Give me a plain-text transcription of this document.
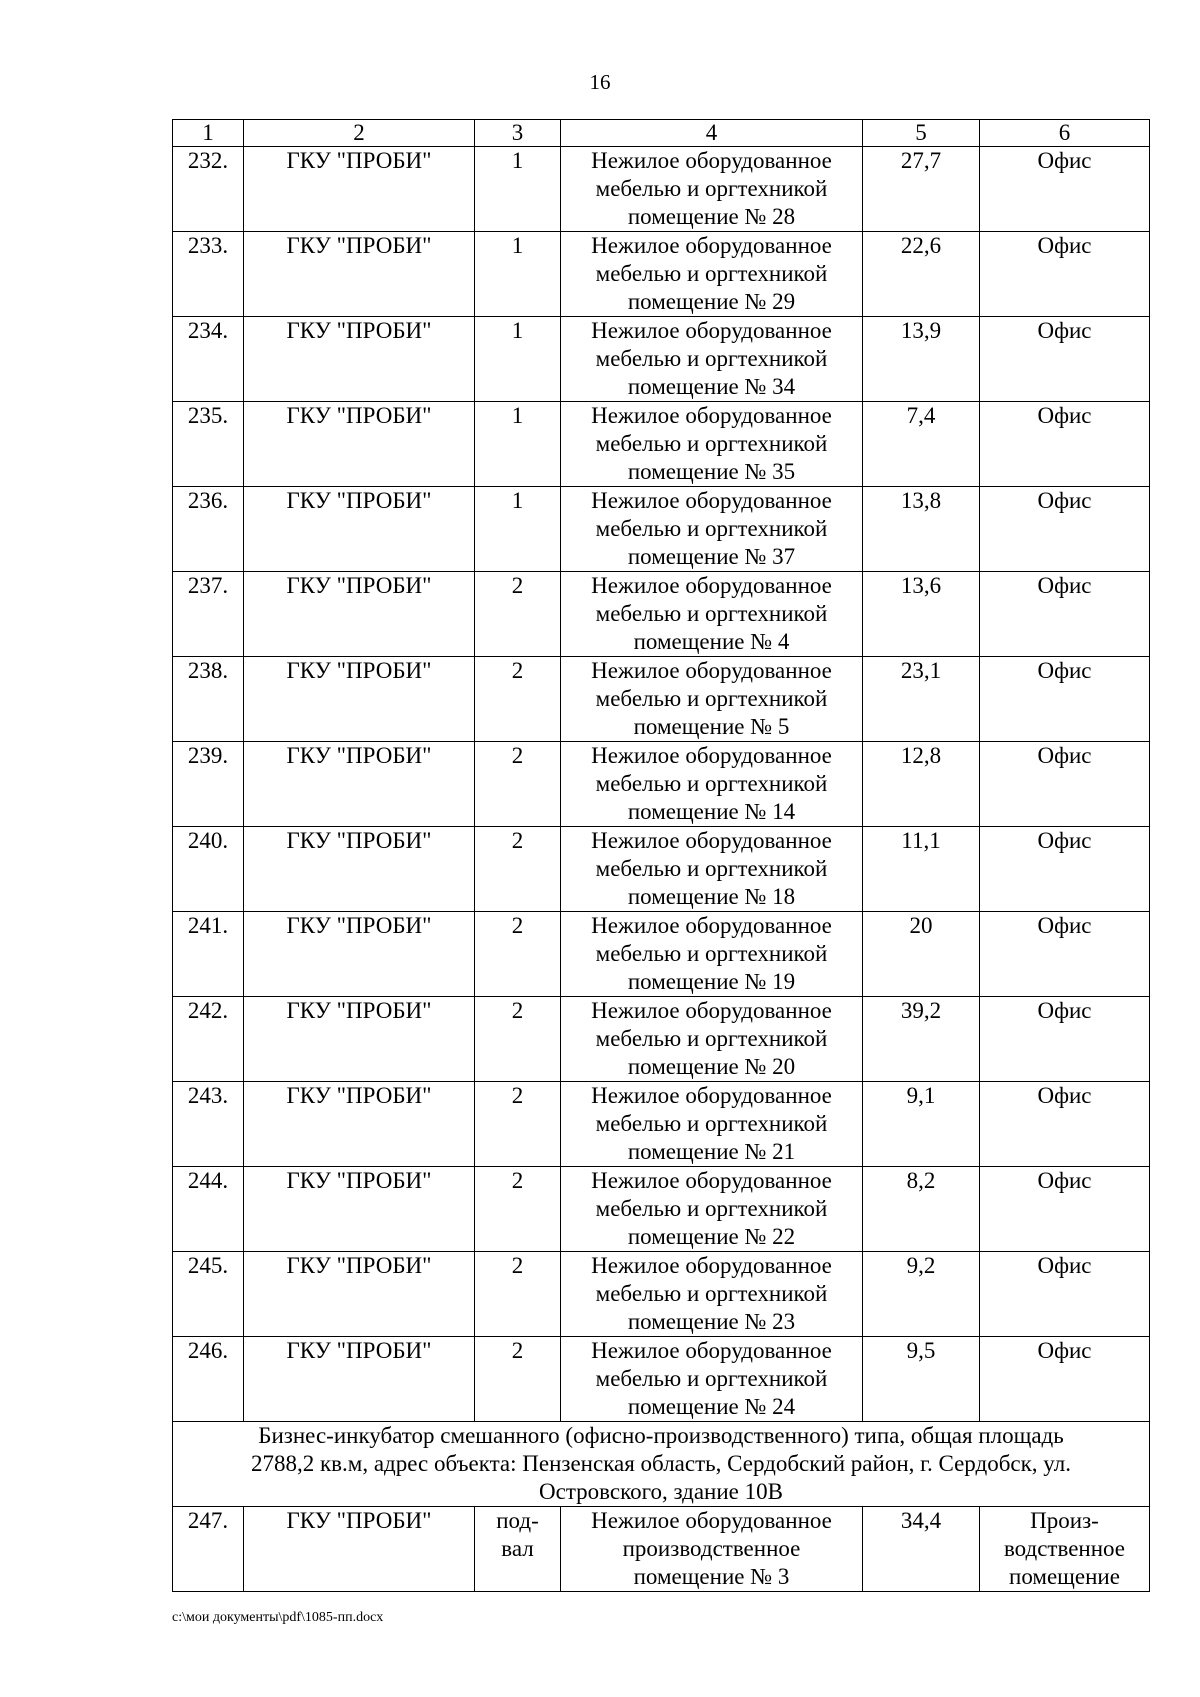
16
1	2	3	4	5	6

232.	ГКУ "ПРОБИ"	1	Нежилое оборудованное
мебелью и оргтехникой
помещение № 28	27,7	Офис

233.	ГКУ "ПРОБИ"	1	Нежилое оборудованное
мебелью и оргтехникой
помещение № 29	22,6	Офис

234.	ГКУ "ПРОБИ"	1	Нежилое оборудованное
мебелью и оргтехникой
помещение № 34	13,9	Офис

235.	ГКУ "ПРОБИ"	1	Нежилое оборудованное
мебелью и оргтехникой
помещение № 35	7,4	Офис

236.	ГКУ "ПРОБИ"	1	Нежилое оборудованное
мебелью и оргтехникой
помещение № 37	13,8	Офис

237.	ГКУ "ПРОБИ"	2	Нежилое оборудованное
мебелью и оргтехникой
помещение № 4	13,6	Офис

238.	ГКУ "ПРОБИ"	2	Нежилое оборудованное
мебелью и оргтехникой
помещение № 5	23,1	Офис

239.	ГКУ "ПРОБИ"	2	Нежилое оборудованное
мебелью и оргтехникой
помещение № 14	12,8	Офис

240.	ГКУ "ПРОБИ"	2	Нежилое оборудованное
мебелью и оргтехникой
помещение № 18	11,1	Офис

241.	ГКУ "ПРОБИ"	2	Нежилое оборудованное
мебелью и оргтехникой
помещение № 19	20	Офис

242.	ГКУ "ПРОБИ"	2	Нежилое оборудованное
мебелью и оргтехникой
помещение № 20	39,2	Офис

243.	ГКУ "ПРОБИ"	2	Нежилое оборудованное
мебелью и оргтехникой
помещение № 21	9,1	Офис

244.	ГКУ "ПРОБИ"	2	Нежилое оборудованное
мебелью и оргтехникой
помещение № 22	8,2	Офис

245.	ГКУ "ПРОБИ"	2	Нежилое оборудованное
мебелью и оргтехникой
помещение № 23	9,2	Офис

246.	ГКУ "ПРОБИ"	2	Нежилое оборудованное
мебелью и оргтехникой
помещение № 24	9,5	Офис

Бизнес-инкубатор смешанного (офисно-производственного) типа, общая площадь
2788,2 кв.м, адрес объекта: Пензенская область, Сердобский район, г. Сердобск, ул.
Островского, здание 10В					

247.	ГКУ "ПРОБИ"	под-
вал	Нежилое оборудованное
производственное
помещение № 3	34,4	Произ-
водственное
помещение
c:\мои документы\pdf\1085-пп.docx
